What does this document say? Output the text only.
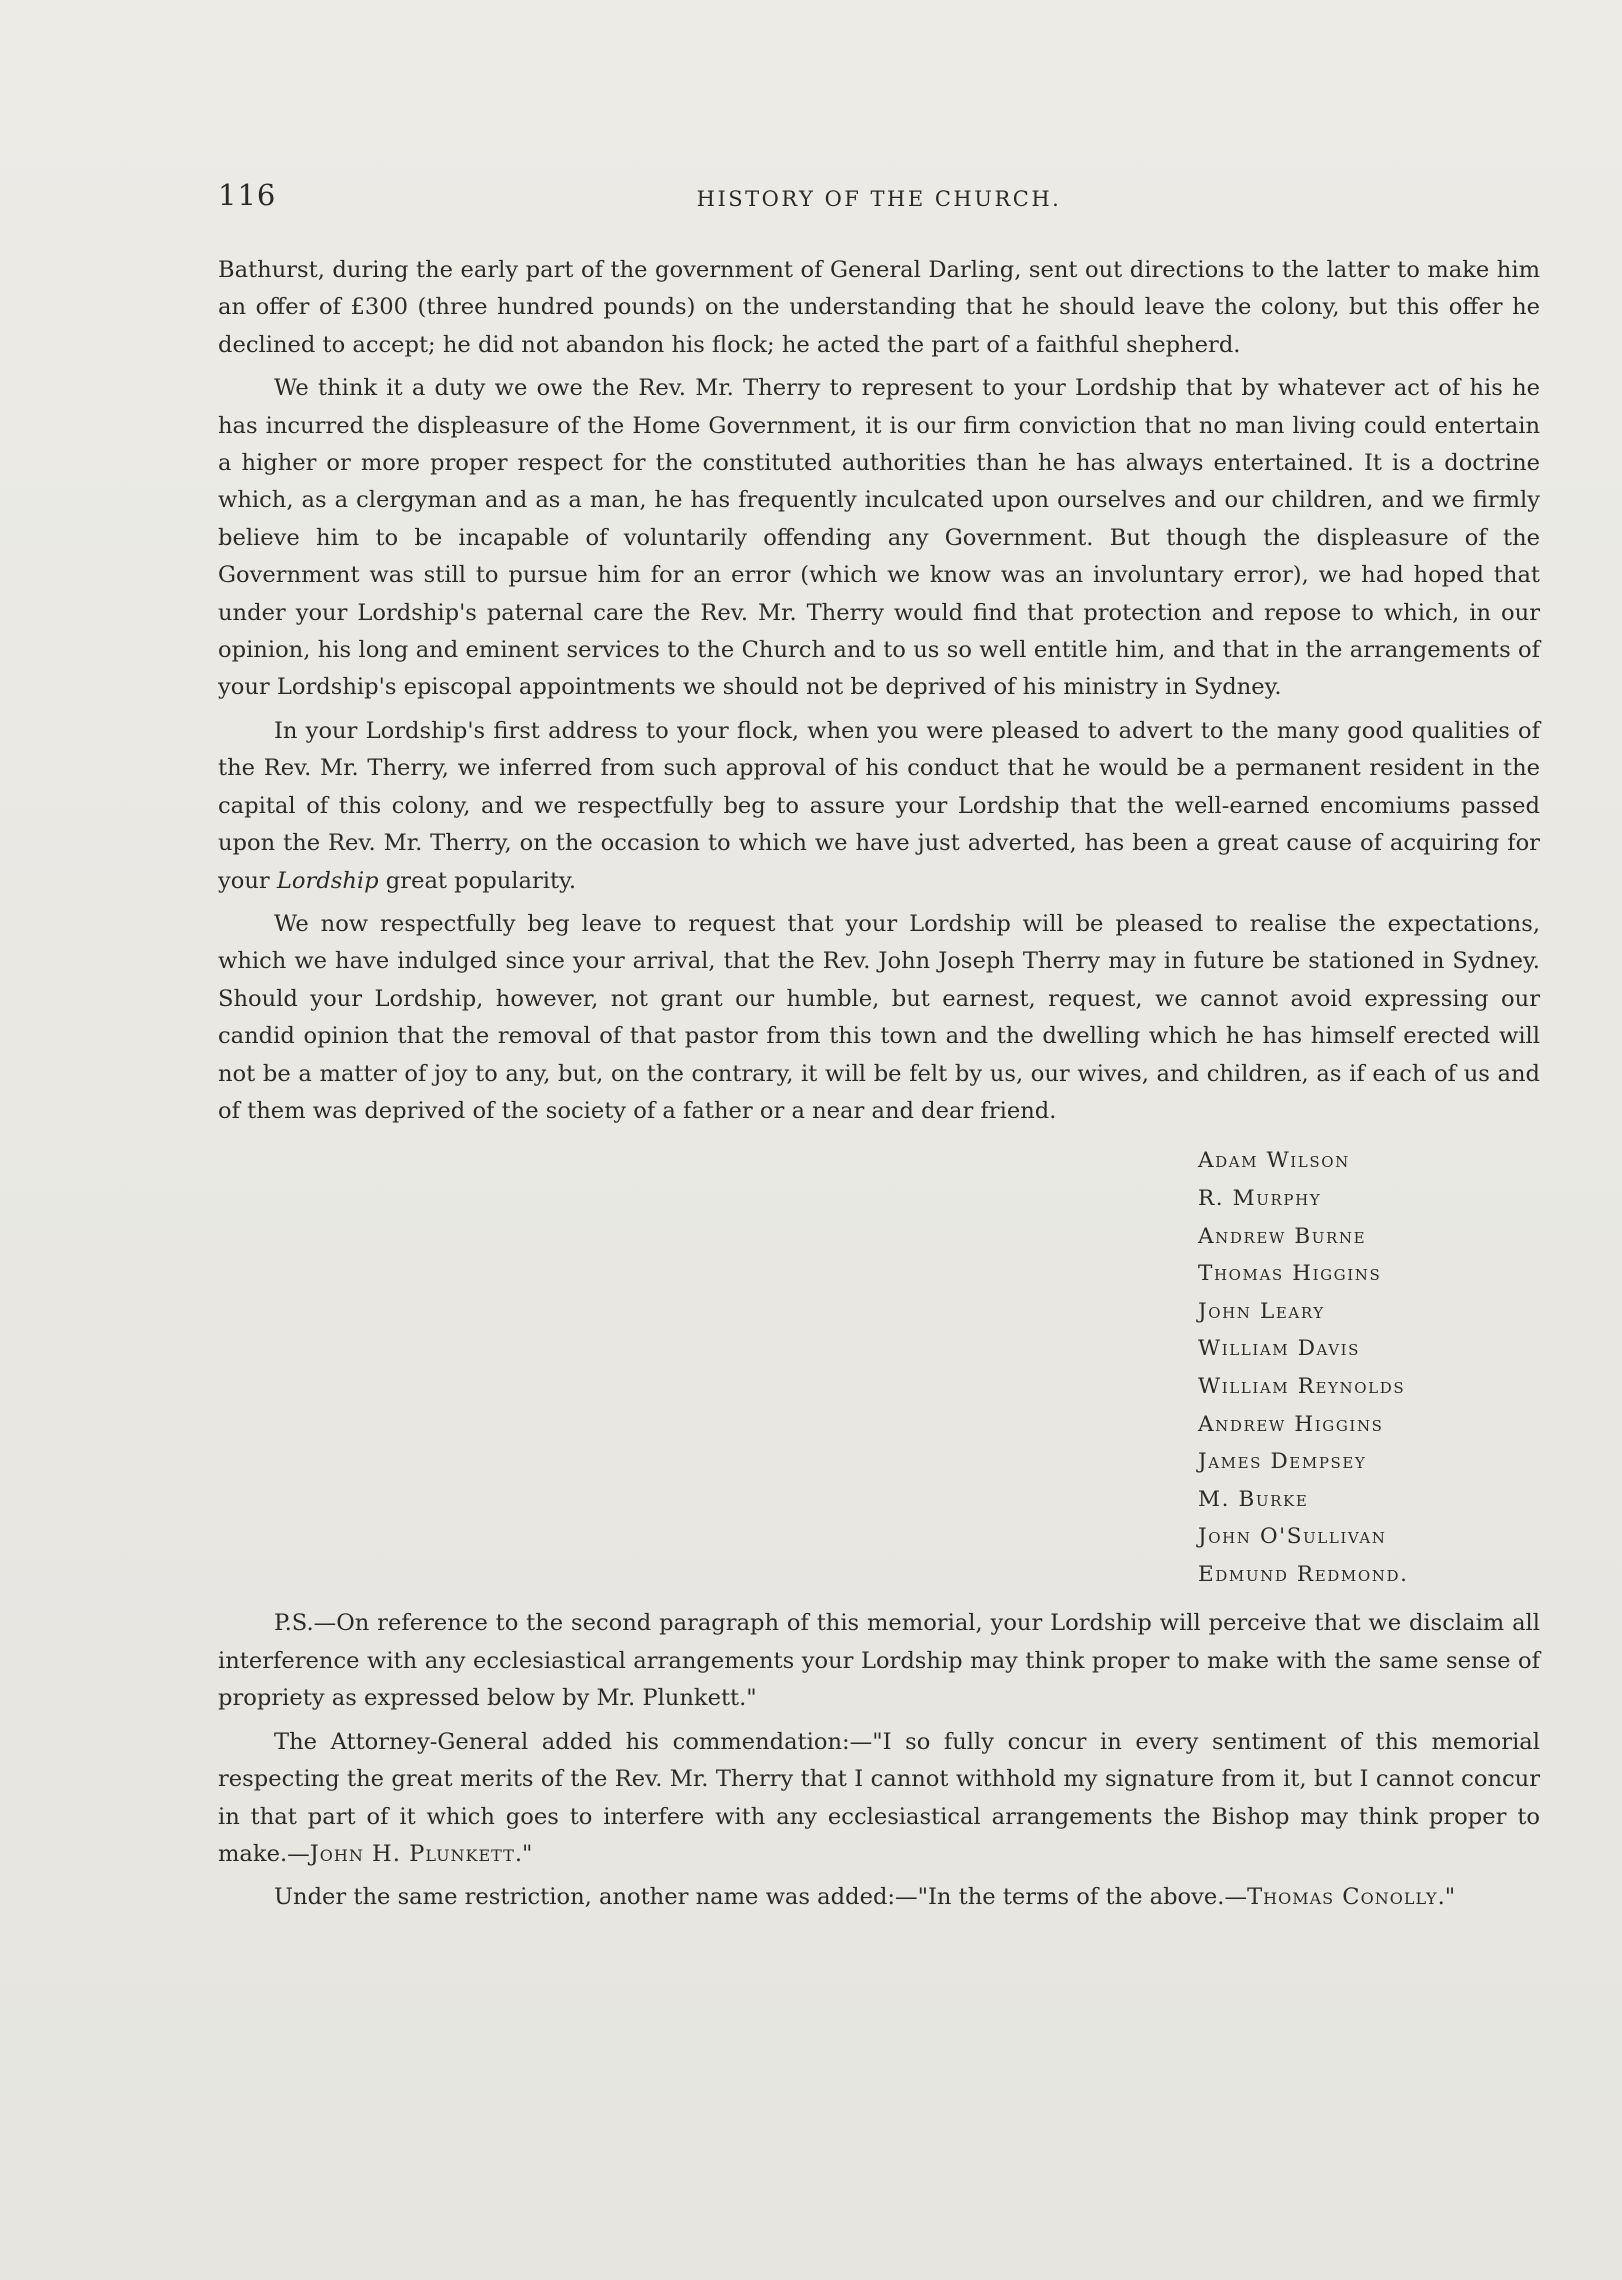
116	HISTORY OF THE CHURCH.

Bathurst, during the early part of the government of General Darling, sent out directions to the latter to make him an offer of £300 (three hundred pounds) on the understanding that he should leave the colony, but this offer he declined to accept; he did not abandon his flock; he acted the part of a faithful shepherd.

We think it a duty we owe the Rev. Mr. Therry to represent to your Lordship that by whatever act of his he has incurred the displeasure of the Home Government, it is our firm conviction that no man living could entertain a higher or more proper respect for the constituted authorities than he has always entertained. It is a doctrine which, as a clergyman and as a man, he has frequently inculcated upon ourselves and our children, and we firmly believe him to be incapable of voluntarily offending any Government. But though the displeasure of the Government was still to pursue him for an error (which we know was an involuntary error), we had hoped that under your Lordship's paternal care the Rev. Mr. Therry would find that protection and repose to which, in our opinion, his long and eminent services to the Church and to us so well entitle him, and that in the arrangements of your Lordship's episcopal appointments we should not be deprived of his ministry in Sydney.

In your Lordship's first address to your flock, when you were pleased to advert to the many good qualities of the Rev. Mr. Therry, we inferred from such approval of his conduct that he would be a permanent resident in the capital of this colony, and we respectfully beg to assure your Lordship that the well-earned encomiums passed upon the Rev. Mr. Therry, on the occasion to which we have just adverted, has been a great cause of acquiring for your Lordship great popularity.

We now respectfully beg leave to request that your Lordship will be pleased to realise the expectations, which we have indulged since your arrival, that the Rev. John Joseph Therry may in future be stationed in Sydney. Should your Lordship, however, not grant our humble, but earnest, request, we cannot avoid expressing our candid opinion that the removal of that pastor from this town and the dwelling which he has himself erected will not be a matter of joy to any, but, on the contrary, it will be felt by us, our wives, and children, as if each of us and of them was deprived of the society of a father or a near and dear friend.

Adam Wilson
R. Murphy
Andrew Burne
Thomas Higgins
John Leary
William Davis
William Reynolds
Andrew Higgins
James Dempsey
M. Burke
John O'Sullivan
Edmund Redmond.

P.S.—On reference to the second paragraph of this memorial, your Lordship will perceive that we disclaim all interference with any ecclesiastical arrangements your Lordship may think proper to make with the same sense of propriety as expressed below by Mr. Plunkett."

The Attorney-General added his commendation:—"I so fully concur in every sentiment of this memorial respecting the great merits of the Rev. Mr. Therry that I cannot withhold my signature from it, but I cannot concur in that part of it which goes to interfere with any ecclesiastical arrangements the Bishop may think proper to make.—John H. Plunkett."

Under the same restriction, another name was added:—"In the terms of the above.—Thomas Conolly."
